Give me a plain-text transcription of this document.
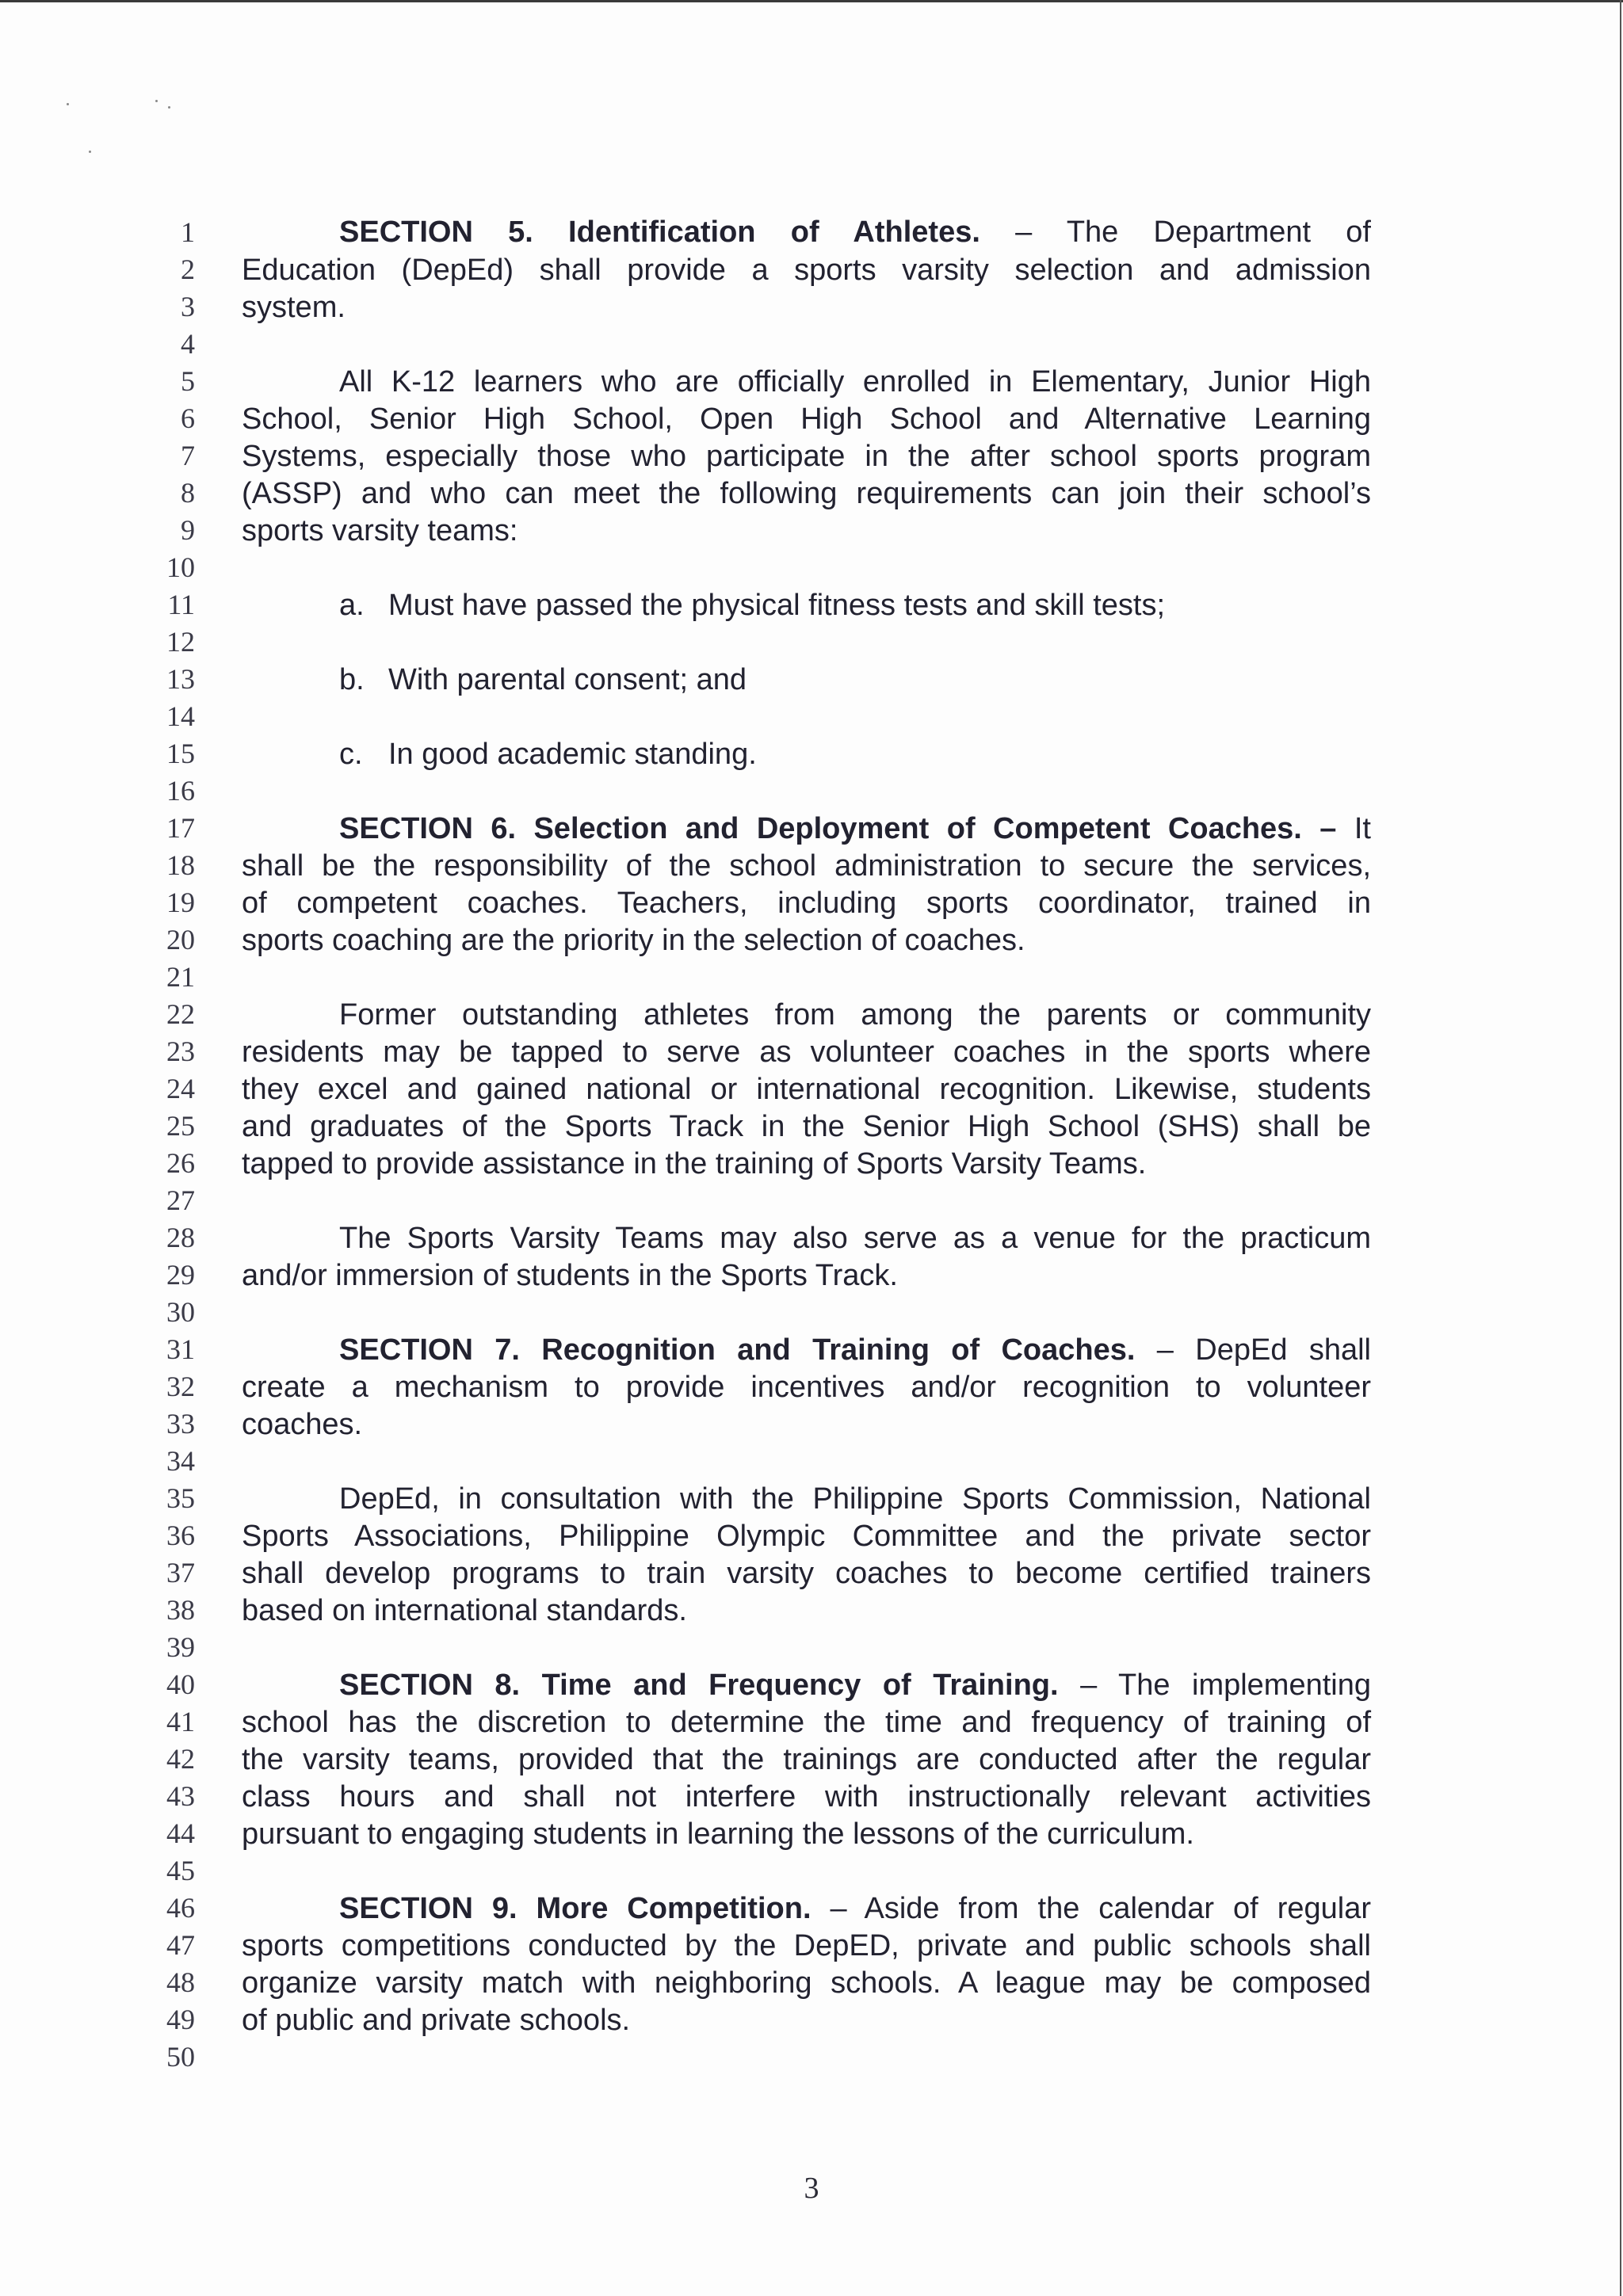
1
2
3
4
5
6
7
8
9
10
11
12
13
14
15
16
17
18
19
20
21
22
23
24
25
26
27
28
29
30
31
32
33
34
35
36
37
38
39
40
41
42
43
44
45
46
47
48
49
50
SECTION 5. Identification of Athletes. – The Department of
Education (DepEd) shall provide a sports varsity selection and admission
system.
All K-12 learners who are officially enrolled in Elementary, Junior High
School, Senior High School, Open High School and Alternative Learning
Systems, especially those who participate in the after school sports program
(ASSP) and who can meet the following requirements can join their school’s
sports varsity teams:
a. Must have passed the physical fitness tests and skill tests;
b. With parental consent; and
c. In good academic standing.
SECTION 6. Selection and Deployment of Competent Coaches. – It
shall be the responsibility of the school administration to secure the services,
of competent coaches. Teachers, including sports coordinator, trained in
sports coaching are the priority in the selection of coaches.
Former outstanding athletes from among the parents or community
residents may be tapped to serve as volunteer coaches in the sports where
they excel and gained national or international recognition. Likewise, students
and graduates of the Sports Track in the Senior High School (SHS) shall be
tapped to provide assistance in the training of Sports Varsity Teams.
The Sports Varsity Teams may also serve as a venue for the practicum
and/or immersion of students in the Sports Track.
SECTION 7. Recognition and Training of Coaches. – DepEd shall
create a mechanism to provide incentives and/or recognition to volunteer
coaches.
DepEd, in consultation with the Philippine Sports Commission, National
Sports Associations, Philippine Olympic Committee and the private sector
shall develop programs to train varsity coaches to become certified trainers
based on international standards.
SECTION 8. Time and Frequency of Training. – The implementing
school has the discretion to determine the time and frequency of training of
the varsity teams, provided that the trainings are conducted after the regular
class hours and shall not interfere with instructionally relevant activities
pursuant to engaging students in learning the lessons of the curriculum.
SECTION 9. More Competition. – Aside from the calendar of regular
sports competitions conducted by the DepED, private and public schools shall
organize varsity match with neighboring schools. A league may be composed
of public and private schools.
3
